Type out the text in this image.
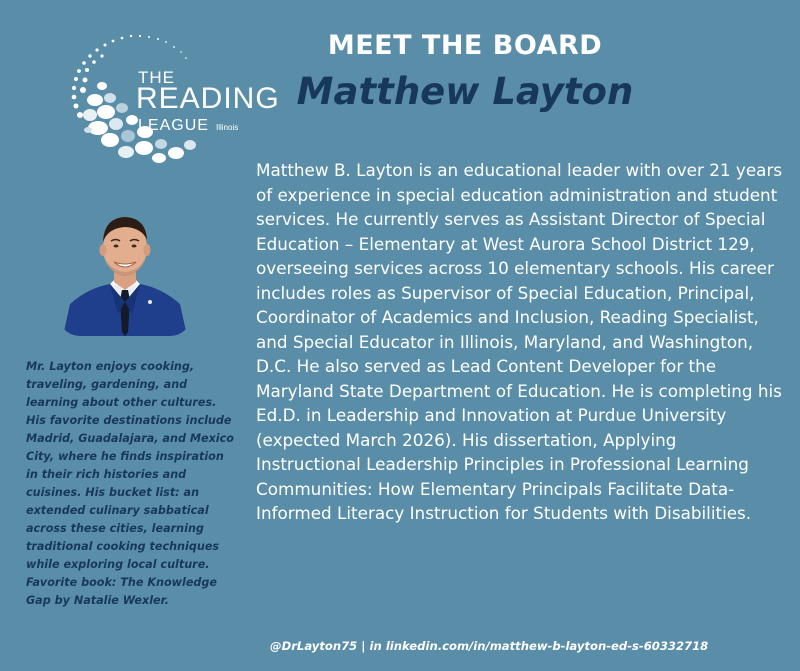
THE
READING
LEAGUE Illinois
MEET THE BOARD
Matthew Layton
Mr. Layton enjoys cooking, traveling, gardening, and learning about other cultures. His favorite destinations include Madrid, Guadalajara, and Mexico City, where he finds inspiration in their rich histories and cuisines. His bucket list: an extended culinary sabbatical across these cities, learning traditional cooking techniques while exploring local culture. Favorite book: The Knowledge Gap by Natalie Wexler.
Matthew B. Layton is an educational leader with over 21 years of experience in special education administration and student services. He currently serves as Assistant Director of Special Education – Elementary at West Aurora School District 129, overseeing services across 10 elementary schools. His career includes roles as Supervisor of Special Education, Principal, Coordinator of Academics and Inclusion, Reading Specialist, and Special Educator in Illinois, Maryland, and Washington, D.C. He also served as Lead Content Developer for the Maryland State Department of Education. He is completing his Ed.D. in Leadership and Innovation at Purdue University (expected March 2026). His dissertation, Applying Instructional Leadership Principles in Professional Learning Communities: How Elementary Principals Facilitate Data-Informed Literacy Instruction for Students with Disabilities.
@DrLayton75 | in linkedin.com/in/matthew-b-layton-ed-s-60332718
